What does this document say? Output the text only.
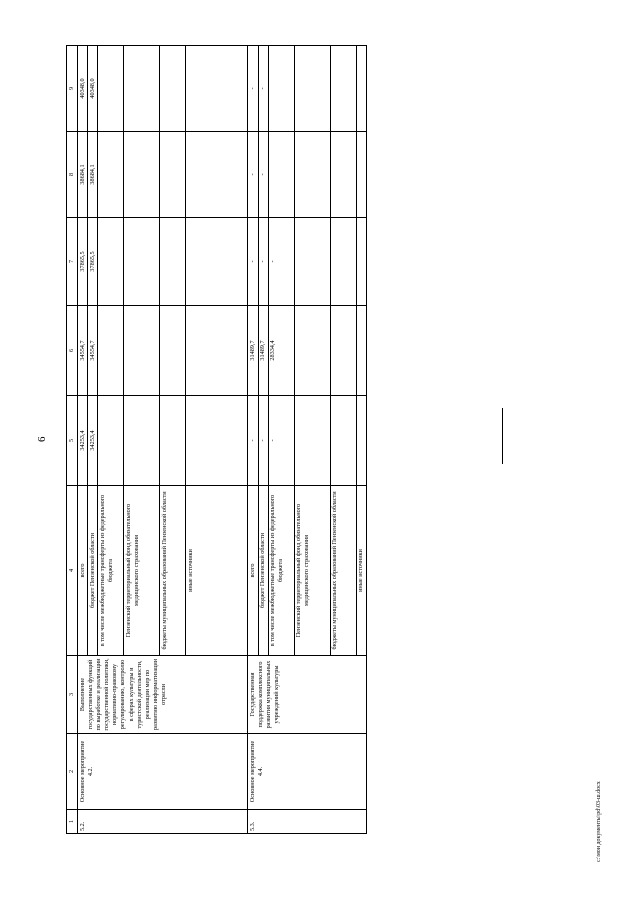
6
c:\мои документы\pd\03-ш.docx
1	2	3	4	5	6	7	8	9
5.2.	Основное мероприятие 4.2.	Выполнение государственных функций по выработке и реализации государственной политики, нормативно-правовому регулированию, контролю в сферах культуры и туристской деятельности, реализации мер по развитию информатизации отрасли	всего	34253,4	34554,7	37865,5	38684,1	40348,0
			бюджет Пензенской области	34253,4	34554,7	37865,5	38684,1	40348,0
			в том числе межбюджетные трансферты из федерального бюджета					
			Пензенский территориальный фонд обязательного медицинского страхования					
			бюджеты муниципальных образований Пензенской области					
			иные источники					
5.3.	Основное мероприятие 4.4.	Государственная поддержка комплексного развития муниципальных учреждений культуры	всего	-	31489,7	-	-	-
			бюджет Пензенской области	-	31489,7	-	-	-
			в том числе межбюджетные трансферты из федерального бюджета	-	28334,4	-		
			Пензенский территориальный фонд обязательного медицинского страхования					
			бюджеты муниципальных образований Пензенской области					
			иные источники					
